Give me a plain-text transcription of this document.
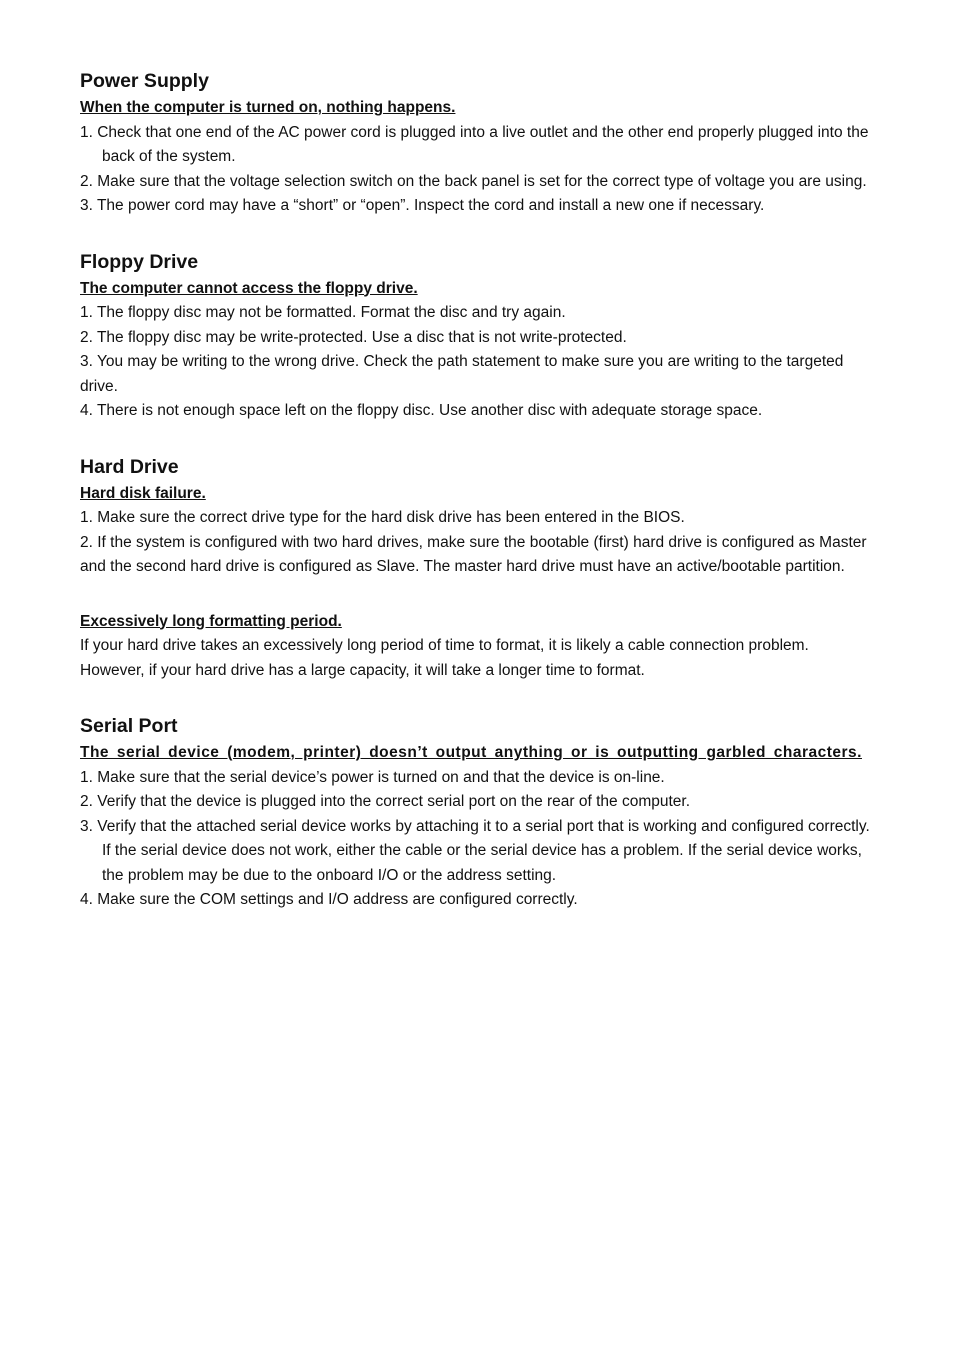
Power Supply

When the computer is turned on, nothing happens.

1. Check that one end of the AC power cord is plugged into a live outlet and the other end properly plugged into the back of the system.

2. Make sure that the voltage selection switch on the back panel is set for the correct type of voltage you are using.

3. The power cord may have a “short” or “open”. Inspect the cord and install a new one if necessary.

Floppy Drive

The computer cannot access the floppy drive.

1. The floppy disc may not be formatted. Format the disc and try again.

2. The floppy disc may be write-protected. Use a disc that is not write-protected.

3. You may be writing to the wrong drive. Check the path statement to make sure you are writing to the targeted drive.

4. There is not enough space left on the floppy disc. Use another disc with adequate storage space.

Hard Drive

Hard disk failure.

1. Make sure the correct drive type for the hard disk drive has been entered in the BIOS.

2. If the system is configured with two hard drives, make sure the bootable (first) hard drive is configured as Master and the second hard drive is configured as Slave. The master hard drive must have an active/bootable partition.

Excessively long formatting period.

If your hard drive takes an excessively long period of time to format, it is likely a cable connection problem. However, if your hard drive has a large capacity, it will take a longer time to format.

Serial Port

The serial device (modem, printer) doesn’t output anything or is outputting garbled characters.

1. Make sure that the serial device’s power is turned on and that the device is on-line.

2. Verify that the device is plugged into the correct serial port on the rear of the computer.

3. Verify that the attached serial device works by attaching it to a serial port that is working and configured correctly. If the serial device does not work, either the cable or the serial device has a problem. If the serial device works, the problem may be due to the onboard I/O or the address setting.

4. Make sure the COM settings and I/O address are configured correctly.
